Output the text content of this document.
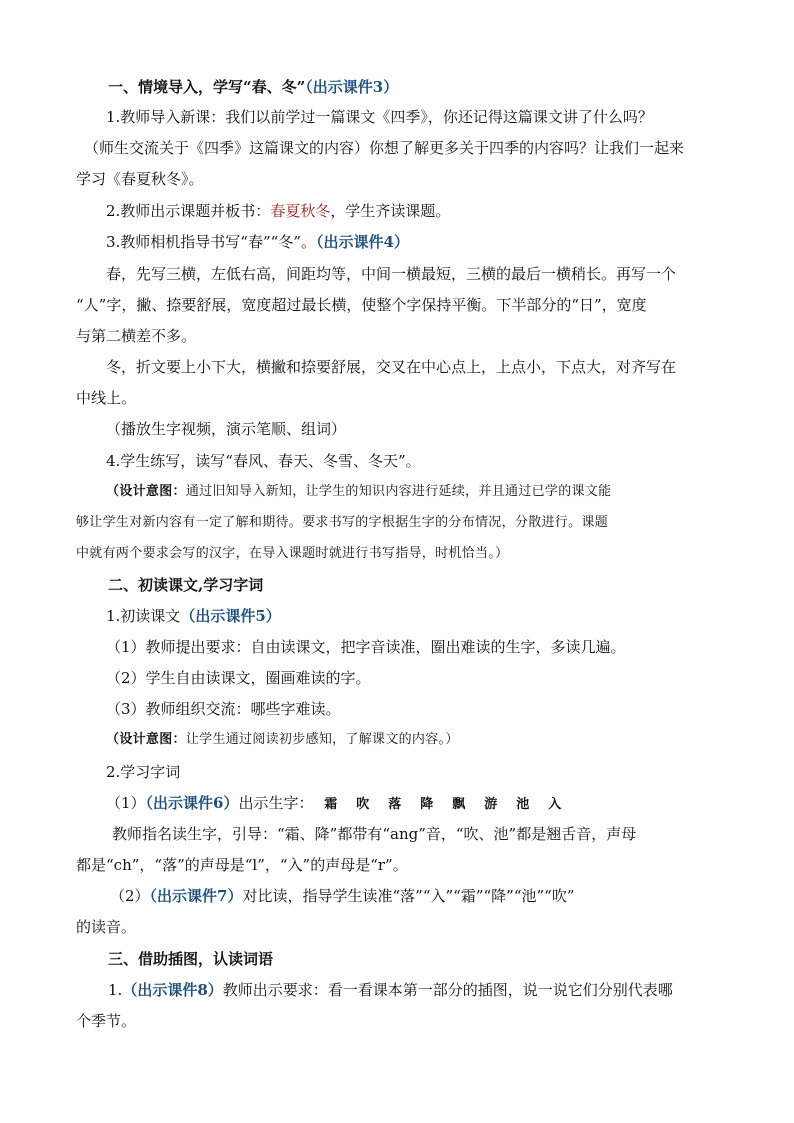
一、情境导入，学写“春、冬”（出示课件3）
1.教师导入新课：我们以前学过一篇课文《四季》，你还记得这篇课文讲了什么吗？
（师生交流关于《四季》这篇课文的内容）你想了解更多关于四季的内容吗？让我们一起来
学习《春夏秋冬》。
2.教师出示课题并板书：春夏秋冬，学生齐读课题。
3.教师相机指导书写“春”“冬”。（出示课件4）
春，先写三横，左低右高，间距均等，中间一横最短，三横的最后一横稍长。再写一个
“人”字，撇、捺要舒展，宽度超过最长横，使整个字保持平衡。下半部分的“日”，宽度
与第二横差不多。
冬，折文要上小下大，横撇和捺要舒展，交叉在中心点上，上点小，下点大，对齐写在
中线上。
（播放生字视频，演示笔顺、组词）
4.学生练写，读写“春风、春天、冬雪、冬天”。
（设计意图：通过旧知导入新知，让学生的知识内容进行延续，并且通过已学的课文能
够让学生对新内容有一定了解和期待。要求书写的字根据生字的分布情况，分散进行。课题
中就有两个要求会写的汉字，在导入课题时就进行书写指导，时机恰当。）
二、初读课文,学习字词
1.初读课文（出示课件5）
（1）教师提出要求：自由读课文，把字音读准，圈出难读的生字，多读几遍。
（2）学生自由读课文，圈画难读的字。
（3）教师组织交流：哪些字难读。
（设计意图：让学生通过阅读初步感知，了解课文的内容。）
2.学习字词
（1）（出示课件6）出示生字： 霜 吹 落 降 飘 游 池 入
教师指名读生字，引导：“霜、降”都带有“ang”音，“吹、池”都是翘舌音，声母
都是“ch”，“落”的声母是“l”，“入”的声母是“r”。
（2）（出示课件7）对比读，指导学生读准“落”“入”“霜”“降”“池”“吹”
的读音。
三、借助插图，认读词语
1.（出示课件8）教师出示要求：看一看课本第一部分的插图，说一说它们分别代表哪
个季节。
